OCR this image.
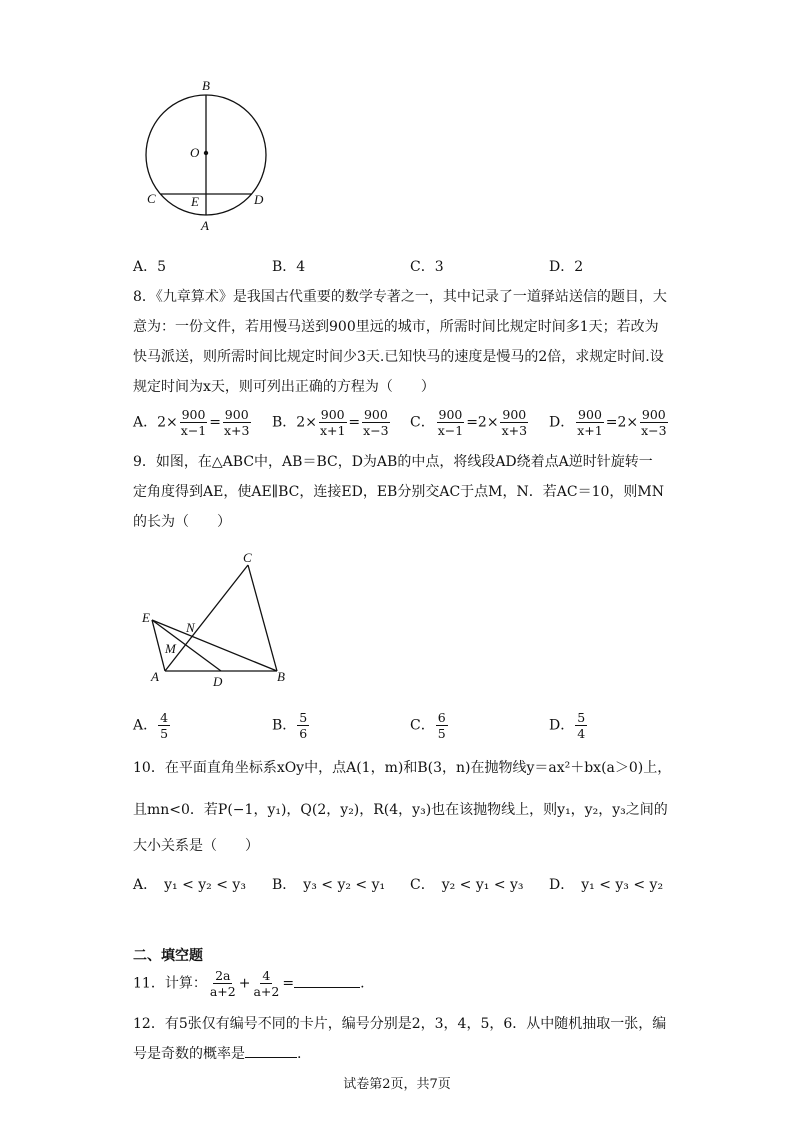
B
O
C	E	D
A
A．5	B．4	C．3	D．2
8．《九章算术》是我国古代重要的数学专著之一，其中记录了一道驿站送信的题目，大
意为：一份文件，若用慢马送到900里远的城市，所需时间比规定时间多1天；若改为
快马派送，则所需时间比规定时间少3天.已知快马的速度是慢马的2倍，求规定时间.设
规定时间为x天，则可列出正确的方程为（　　）
A．$2\times \frac{900}{x-1} = \frac{900}{x+3}$ B．$2\times \frac{900}{x+1} = \frac{900}{x-3}$ C． $\frac{900}{x-1} =2\times \frac{900}{x+3}$ D． $\frac{900}{x+1} =2\times \frac{900}{x-3}$
9．如图，在△ABC中，AB＝BC，D为AB的中点，将线段AD绕着点A逆时针旋转一
定角度得到AE，使AE∥BC，连接ED，EB分别交AC于点M，N．若AC＝10，则MN
的长为（　　）
C
E
N
M
A	D	B
A． $\frac{4}{5}$	B． $\frac{5}{6}$	C． $\frac{6}{5}$	D． $\frac{5}{4}$
10．在平面直角坐标系xOy中，点A(1，m)和B(3，n)在抛物线y＝ax²＋bx(a＞0)上，
且mn<0．若P(−1，y₁)，Q(2，y₂)，R(4，y₃)也在该抛物线上，则y₁，y₂，y₃之间的
大小关系是（　　）
A．　y₁ < y₂ < y₃ B．　y₃ < y₂ < y₁ C．　y₂ < y₁ < y₃ D．　y₁ < y₃ < y₂
二、填空题
11．计算： $\frac{2a}{a+2} + \frac{4}{a+2}$ =	.
12．有5张仅有编号不同的卡片，编号分别是2，3，4，5，6．从中随机抽取一张，编
号是奇数的概率是	.
试卷第2页，共7页
